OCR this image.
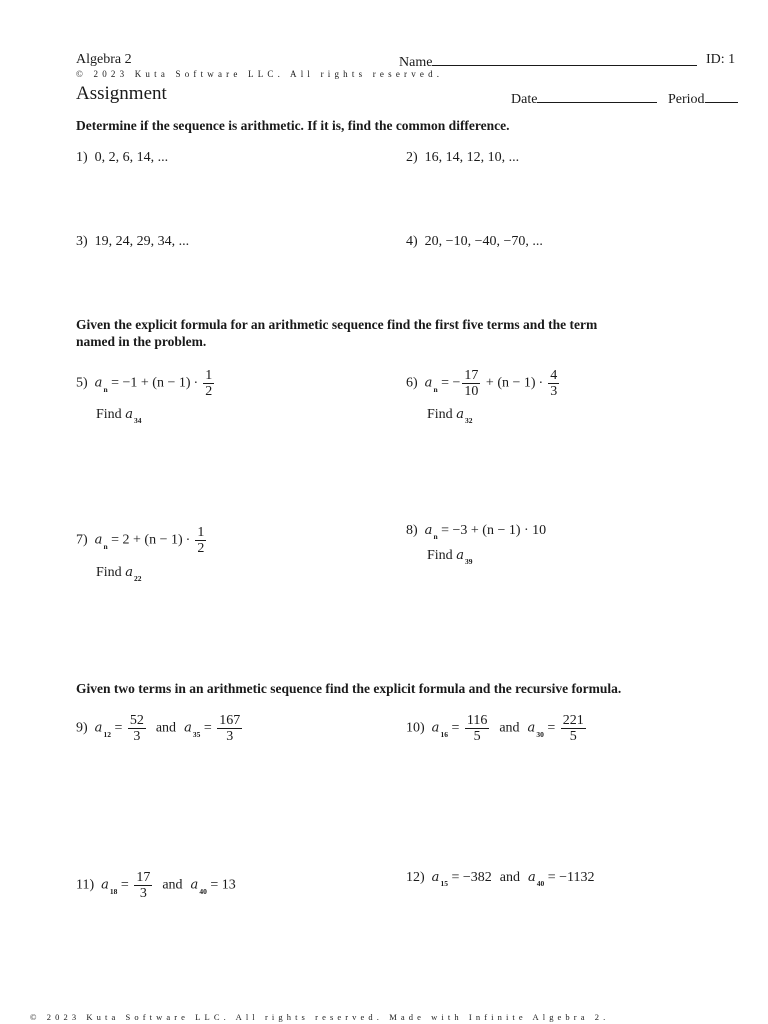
Algebra 2	Name	ID: 1
© 2023 Kuta Software LLC. All rights reserved.
Assignment	Date	Period
Determine if the sequence is arithmetic. If it is, find the common difference.
1) 0, 2, 6, 14, ...	2) 16, 14, 12, 10, ...
3) 19, 24, 29, 34, ...	4) 20, −10, −40, −70, ...
Given the explicit formula for an arithmetic sequence find the first five terms and the term
named in the problem.
5) $a_n = -1 + (n - 1) \cdot \frac{1}{2}$
Find $a_{34}$
6) $a_n$ = − $\frac{17}{10} + (n - 1) \cdot \frac{4}{3}$
Find $a_{32}$
7) $a_n = 2 + (n - 1) \cdot \frac{1}{2}$
Find $a_{22}$
8) $a_n = -3 + (n - 1) \cdot 10$
Find $a_{39}$
Given two terms in an arithmetic sequence find the explicit formula and the recursive formula.
9) $a_{12} = \frac{52}{3}$ and $a_{35} = \frac{167}{3}$	10) $a_{16} = \frac{116}{5}$ and $a_{30} = \frac{221}{5}$
11) $a_{18} = \frac{17}{3}$ and $a_{40} = 13$
12) $a_{15} = -382$ and $a_{40} = -1132$
© 2023 Kuta Software LLC. All rights reserved. Made with Infinite Algebra 2.
